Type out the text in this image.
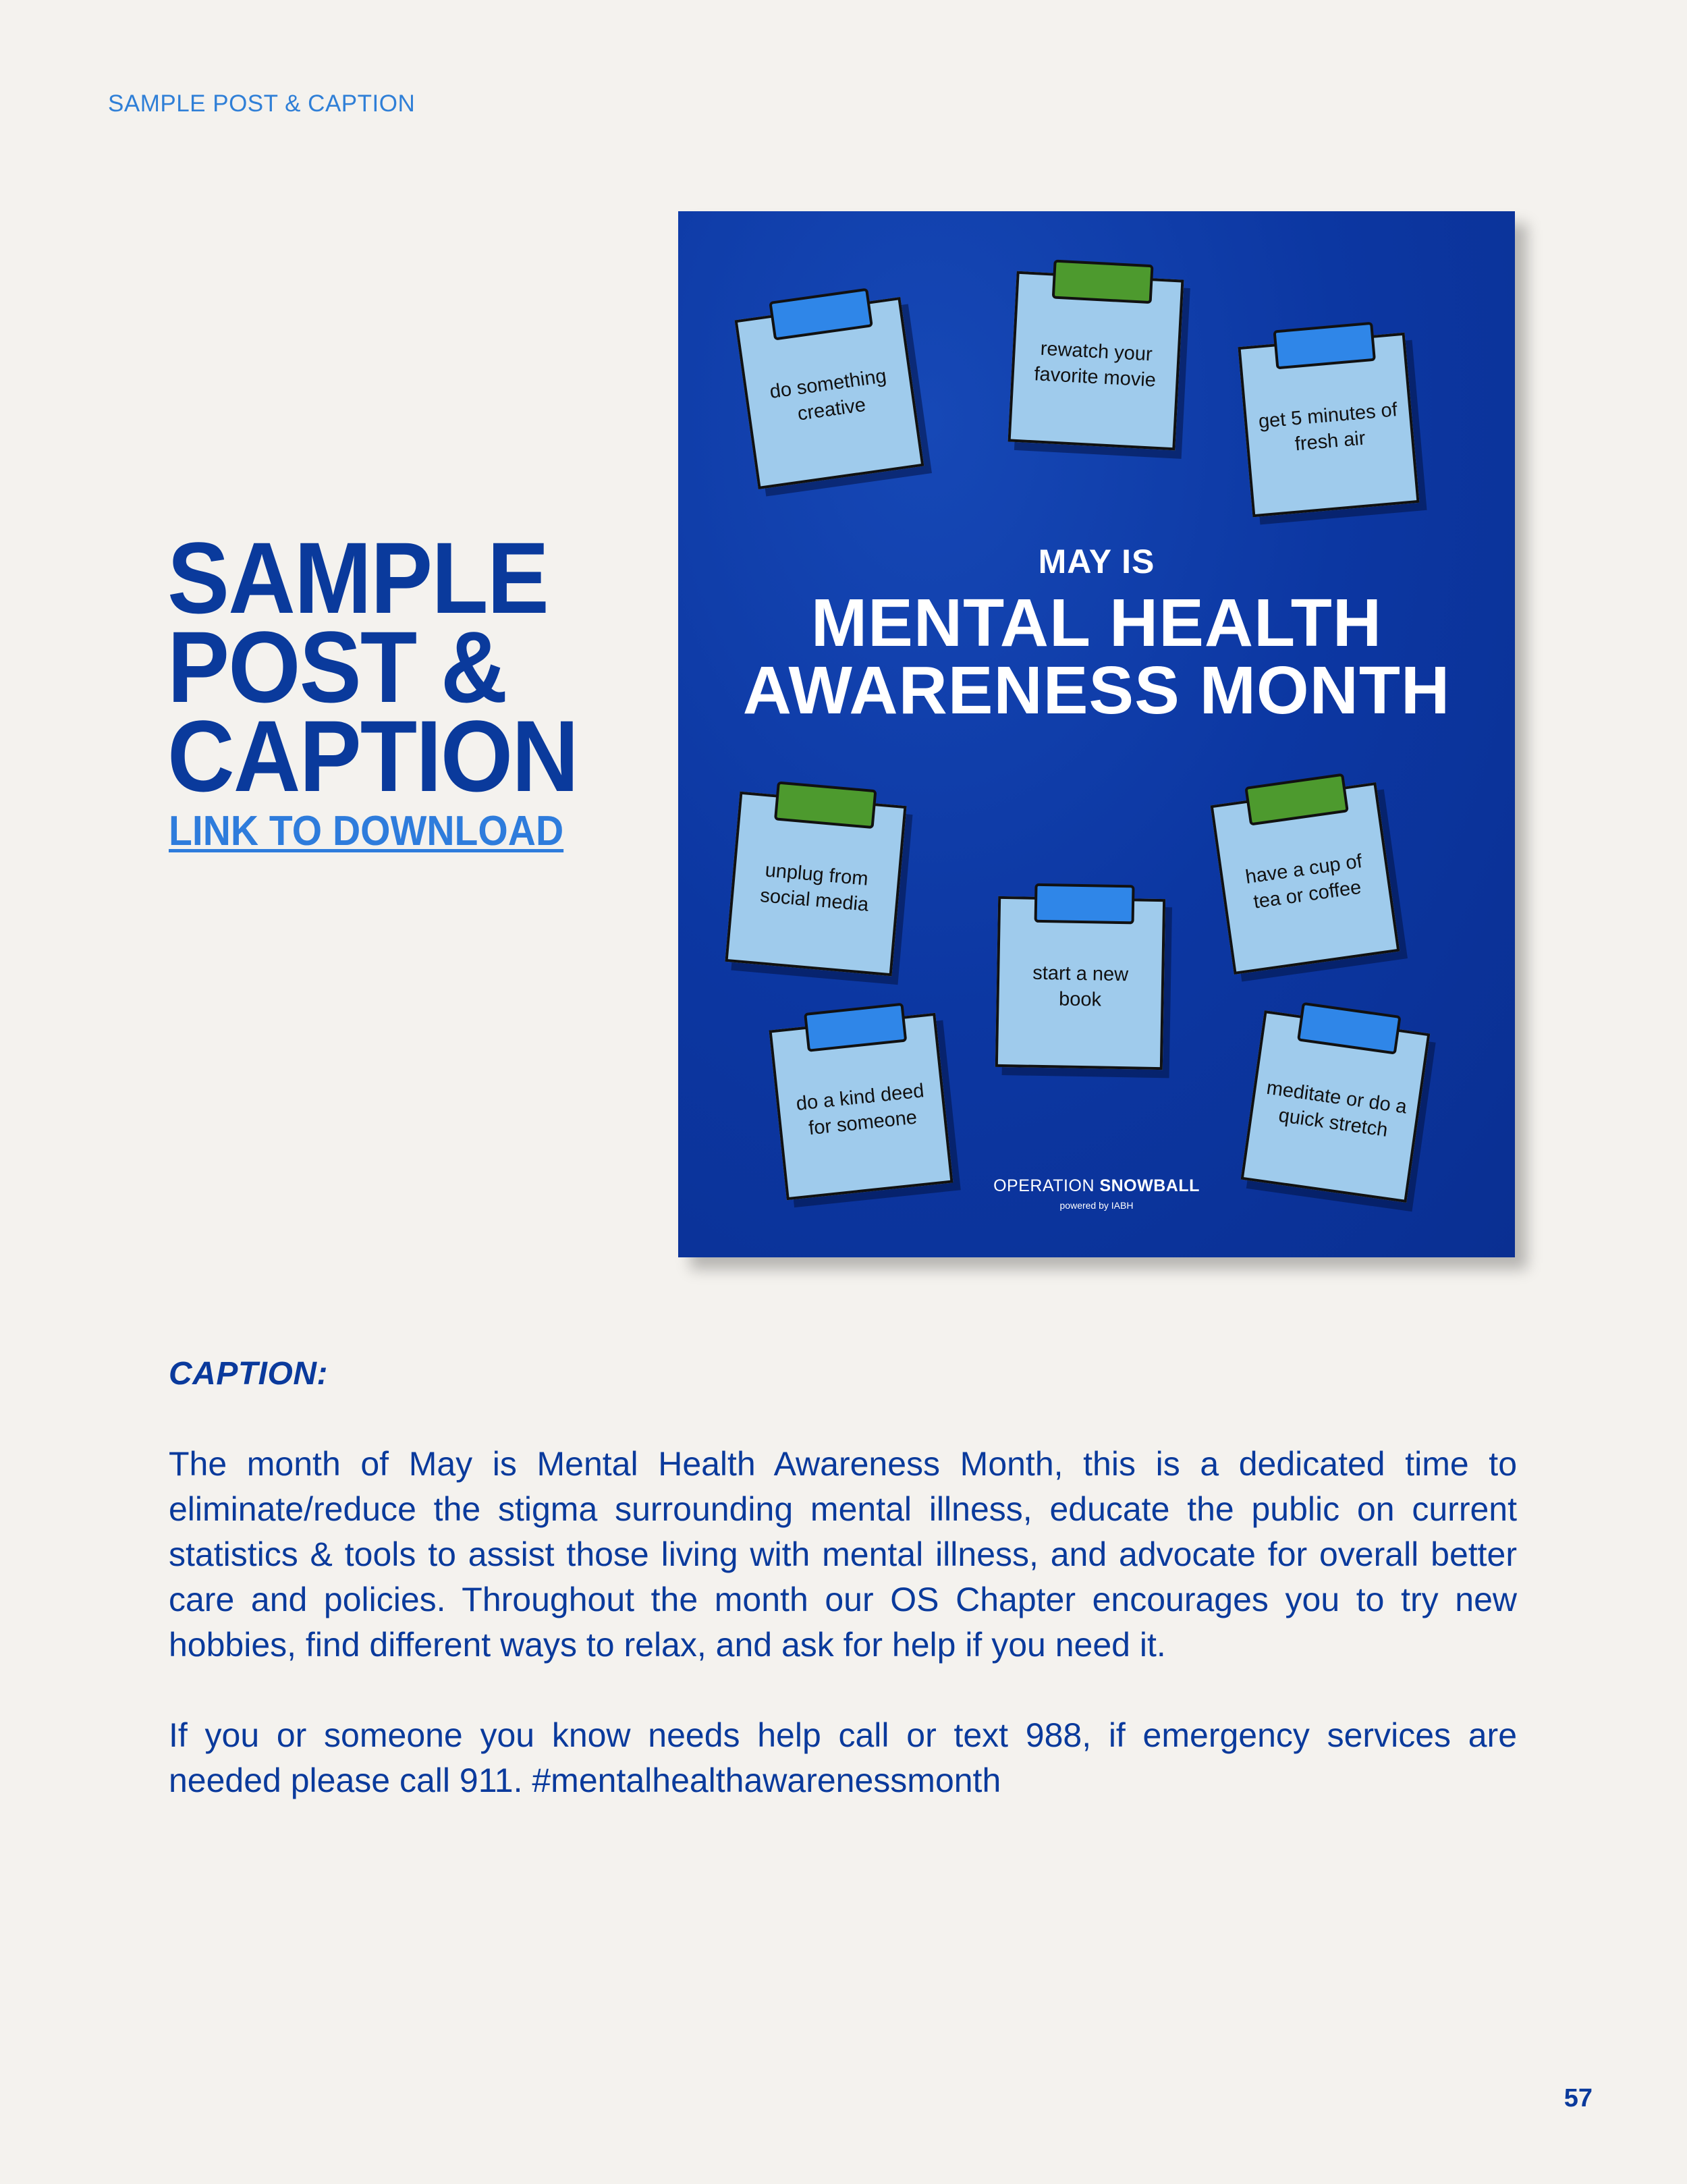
SAMPLE POST & CAPTION
SAMPLE
POST &
CAPTION
LINK TO DOWNLOAD
do something creative
rewatch your favorite movie
get 5 minutes of fresh air
unplug from social media
have a cup of tea or coffee
start a new book
do a kind deed for someone
meditate or do a quick stretch
MAY IS
MENTAL HEALTH
AWARENESS MONTH
OPERATION SNOWBALL
powered by IABH
CAPTION:

The month of May is Mental Health Awareness Month, this is a dedicated time to eliminate/reduce the stigma surrounding mental illness, educate the public on current statistics & tools to assist those living with mental illness, and advocate for overall better care and policies. Throughout the month our OS Chapter encourages you to try new hobbies, find different ways to relax, and ask for help if you need it.

If you or someone you know needs help call or text 988, if emergency services are needed please call 911. #mentalhealthawarenessmonth

57
